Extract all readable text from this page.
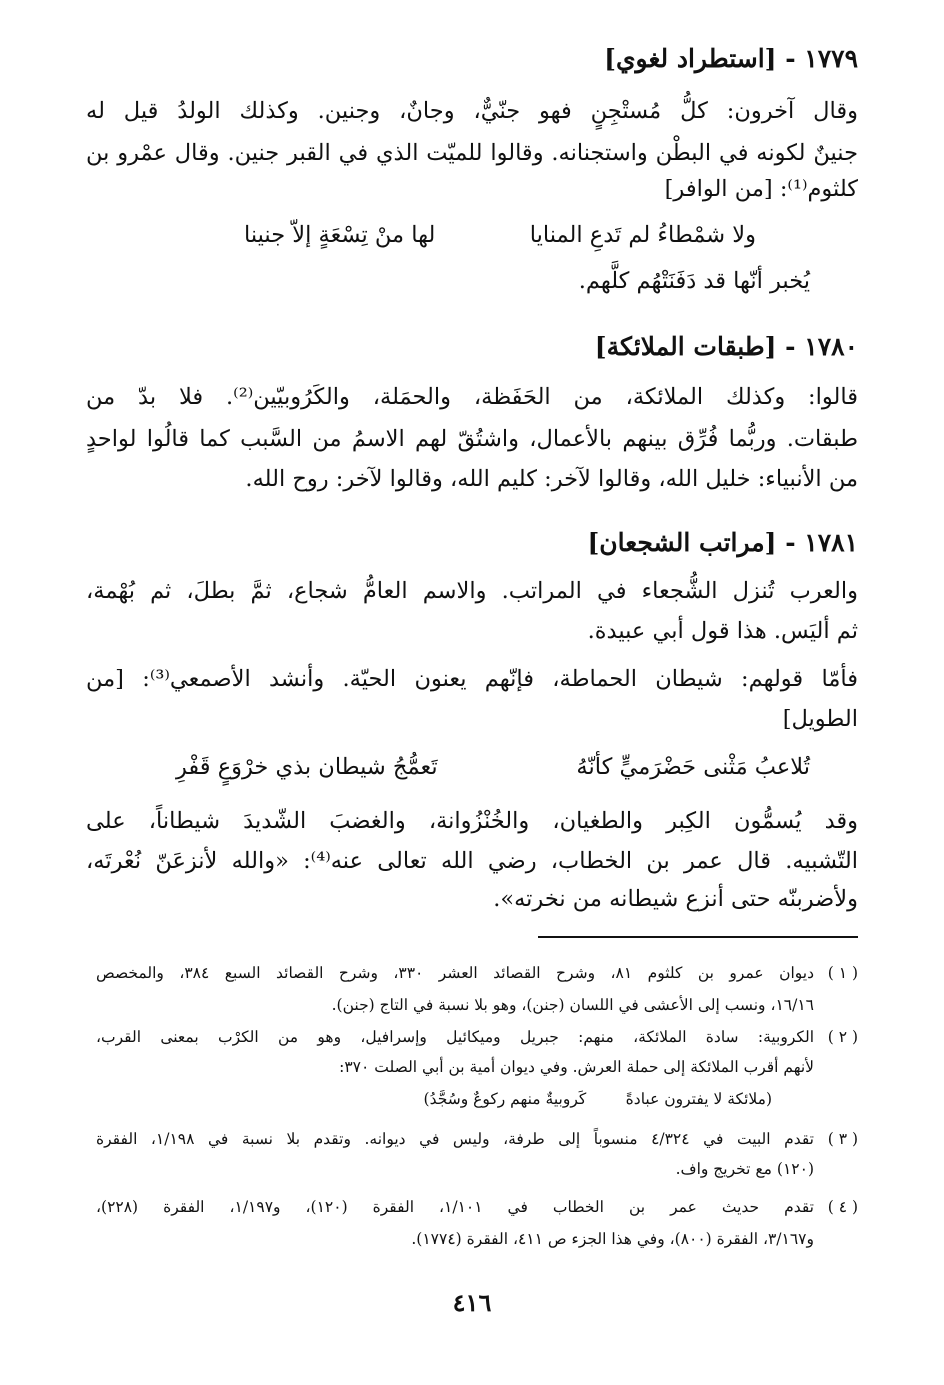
١٧٧٩ - [استطراد لغوي]
وقال آخرون: كلُّ مُستْجِنٍ فهو جنّيٌّ، وجانٌ، وجنين. وكذلك الولدُ قيل له
جنينٌ لكونه في البطْن واستجنانه. وقالوا للميّت الذي في القبر جنين. وقال عمْرو بن
كلثوم⁽¹⁾: [من الوافر]
ولا شمْطاءُ لم تَدعِ المنايا
لها منْ تِسْعَةٍ إلاّ جنينا
يُخبر أنّها قد دَفَنَتْهُم كلَّهم.
١٧٨٠ - [طبقات الملائكة]
قالوا: وكذلك الملائكة، من الحَفَظة، والحمَلة، والكَرُوبيّين⁽²⁾. فلا بدّ من
طبقات. وربُّما فُرِّق بينهم بالأعمال، واشتُقّ لهم الاسمُ من السَّبب كما قالُوا لواحدٍ
من الأنبياء: خليل الله، وقالوا لآخر: كليم الله، وقالوا لآخر: روح الله.
١٧٨١ - [مراتب الشجعان]
والعرب تُنزل الشُّجعاء في المراتب. والاسم العامُّ شجاع، ثمَّ بطلَ، ثم بُهْمة،
ثم أليَس. هذا قول أبي عبيدة.
فأمّا قولهم: شيطان الحماطة، فإنّهم يعنون الحيّة. وأنشد الأصمعي⁽³⁾: [من
الطويل]
تُلاعبُ مَثْنى حَضْرَميٍّ كأنّهُ
تَعمُّجُ شيطان بذي خرْوَعٍ قَفْرِ
وقد يُسمُّون الكِبر والطغيان، والخُنْزُوانة، والغضبَ الشّديدَ شيطاناً، على
التّشبيه. قال عمر بن الخطاب، رضي الله تعالى عنه⁽⁴⁾: «والله لأنزعَنّ نُعْرتَه،
ولأضربنّه حتى أنزع شيطانه من نخرته».
( ١ )
ديوان عمرو بن كلثوم ٨١، وشرح القصائد العشر ٣٣٠، وشرح القصائد السبع ٣٨٤، والمخصص
١٦/١٦، ونسب إلى الأعشى في اللسان (جنن)، وهو بلا نسبة في التاج (جنن).
( ٢ )
الكروبية: سادة الملائكة، منهم: جبريل وميكائيل وإسرافيل، وهو من الكرْب بمعنى القرب،
لأنهم أقرب الملائكة إلى حملة العرش. وفي ديوان أمية بن أبي الصلت ٣٧٠:
(ملائكة لا يفترون عبادةً        كَروبيةٌ منهم ركوعٌ وسُجَّدُ)
( ٣ )
تقدم البيت في ٤/٣٢٤ منسوباً إلى طرفة، وليس في ديوانه. وتقدم بلا نسبة في ١/١٩٨، الفقرة
(١٢٠) مع تخريج واف.
( ٤ )
تقدم حديث عمر بن الخطاب في ١/١٠١، الفقرة (١٢٠)، و١/١٩٧، الفقرة (٢٢٨)،
و٣/١٦٧، الفقرة (٨٠٠)، وفي هذا الجزء ص ٤١١، الفقرة (١٧٧٤).
٤١٦
